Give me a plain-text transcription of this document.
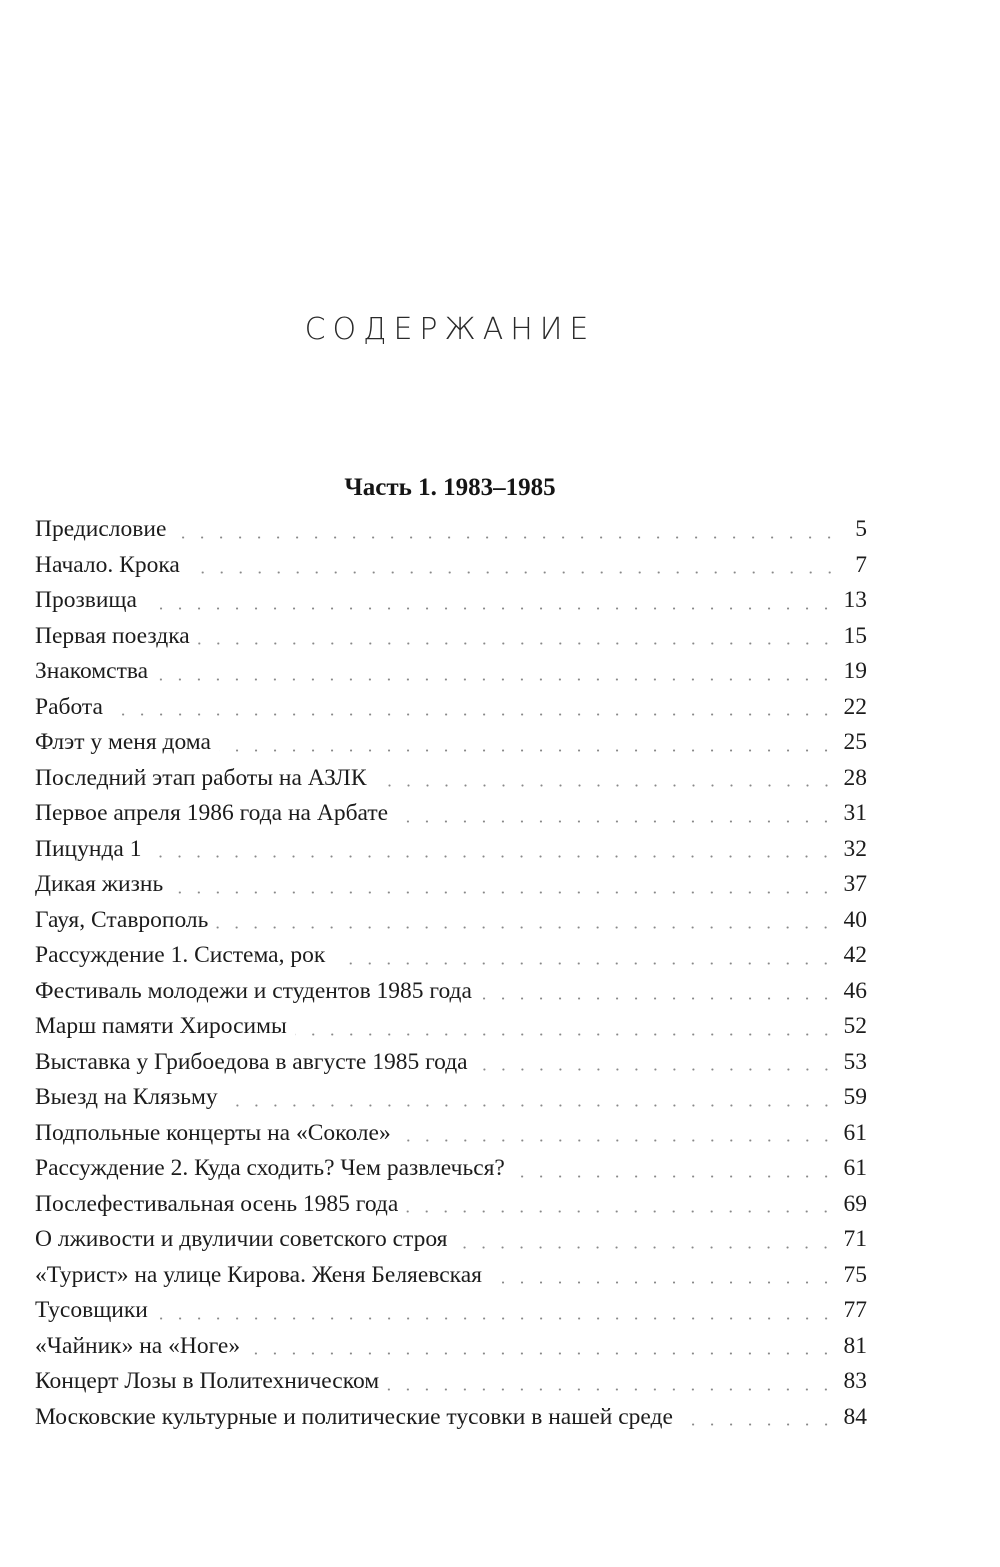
СОДЕРЖАНИЕ
Часть 1. 1983–1985
Предисловие	5
Начало. Крока	7
Прозвища	13
Первая поездка	15
Знакомства	19
Работа	22
Флэт у меня дома	25
Последний этап работы на АЗЛК	28
Первое апреля 1986 года на Арбате	31
Пицунда 1	32
Дикая жизнь	37
Гауя, Ставрополь	40
Рассуждение 1. Система, рок	42
Фестиваль молодежи и студентов 1985 года	46
Марш памяти Хиросимы	52
Выставка у Грибоедова в августе 1985 года	53
Выезд на Клязьму	59
Подпольные концерты на «Соколе»	61
Рассуждение 2. Куда сходить? Чем развлечься?	61
Послефестивальная осень 1985 года	69
О лживости и двуличии советского строя	71
«Турист» на улице Кирова. Женя Беляевская	75
Тусовщики	77
«Чайник» на «Ноге»	81
Концерт Лозы в Политехническом	83
Московские культурные и политические тусовки в нашей среде	84
